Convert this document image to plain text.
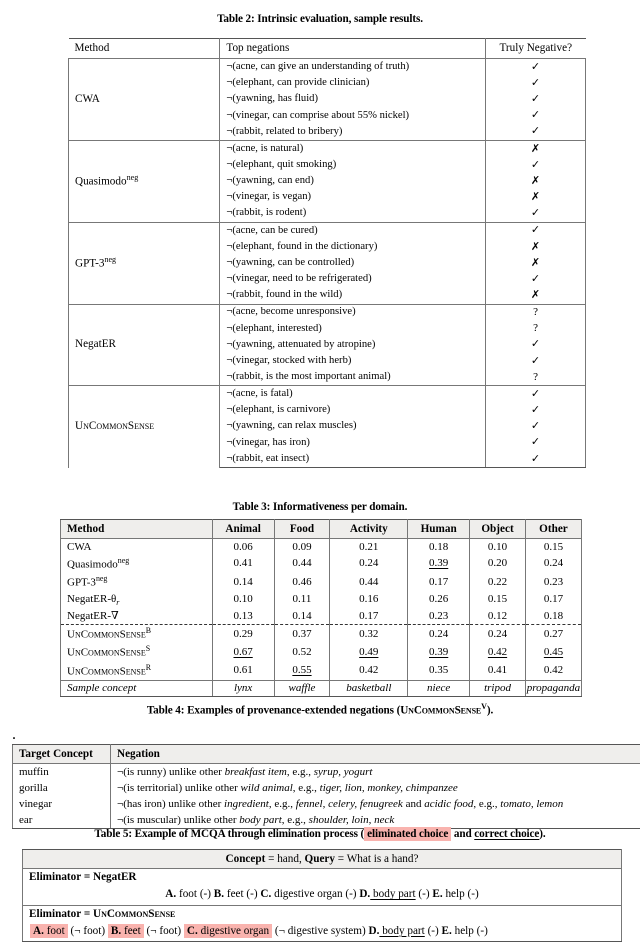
Table 2: Intrinsic evaluation, sample results.
Method	Top negations	Truly Negative?
CWA	¬(acne, can give an understanding of truth)	✓
	¬(elephant, can provide clinician)	✓
	¬(yawning, has fluid)	✓
	¬(vinegar, can comprise about 55% nickel)	✓
	¬(rabbit, related to bribery)	✓
Quasimodo$^{neg}$	¬(acne, is natural)	✗
	¬(elephant, quit smoking)	✓
	¬(yawning, can end)	✗
	¬(vinegar, is vegan)	✗
	¬(rabbit, is rodent)	✓
GPT-$3^{neg}$	¬(acne, can be cured)	✓
	¬(elephant, found in the dictionary)	✗
	¬(yawning, can be controlled)	✗
	¬(vinegar, need to be refrigerated)	✓
	¬(rabbit, found in the wild)	✗
NegatER	¬(acne, become unresponsive)	?
	¬(elephant, interested)	?
	¬(yawning, attenuated by atropine)	✓
	¬(vinegar, stocked with herb)	✓
	¬(rabbit, is the most important animal)	?
UnCommonSense	¬(acne, is fatal)	✓
	¬(elephant, is carnivore)	✓
	¬(yawning, can relax muscles)	✓
	¬(vinegar, has iron)	✓
	¬(rabbit, eat insect)	✓
Table 3: Informativeness per domain.
Method	Animal	Food	Activity	Human	Object	Other
CWA	0.06	0.09	0.21	0.18	0.10	0.15
Quasimodo$^{neg}$	0.41	0.44	0.24	0.39	0.20	0.24
GPT-$3^{neg}$	0.14	0.46	0.44	0.17	0.22	0.23
NegatER-$\theta_r$	0.10	0.11	0.16	0.26	0.15	0.17
NegatER-∇	0.13	0.14	0.17	0.23	0.12	0.18
UnCommonSense$^B$	0.29	0.37	0.32	0.24	0.24	0.27
UnCommonSense$^S$	0.67	0.52	0.49	0.39	0.42	0.45
UnCommonSense$^R$	0.61	0.55	0.42	0.35	0.41	0.42
Sample concept	lynx	waffle	basketball	niece	tripod	propaganda
Table 4: Examples of provenance-extended negations (UnCommonSense$^V$).
.
Target Concept	Negation
muffin	¬(is runny) unlike other breakfast item, e.g., syrup, yogurt
gorilla	¬(is territorial) unlike other wild animal, e.g., tiger, lion, monkey, chimpanzee
vinegar	¬(has iron) unlike other ingredient, e.g., fennel, celery, fenugreek and acidic food, e.g., tomato, lemon
ear	¬(is muscular) unlike other body part, e.g., shoulder, loin, neck
Table 5: Example of MCQA through elimination process ( eliminated choice and correct choice).
Concept = hand, Query = What is a hand?
Eliminator = NegatER
A. foot (-) B. feet (-) C. digestive organ (-) D. body part (-) E. help (-)
Eliminator = UnCommonSense
A. foot (¬ foot) B. feet (¬ foot) C. digestive organ (¬ digestive system) D. body part (-) E. help (-)
